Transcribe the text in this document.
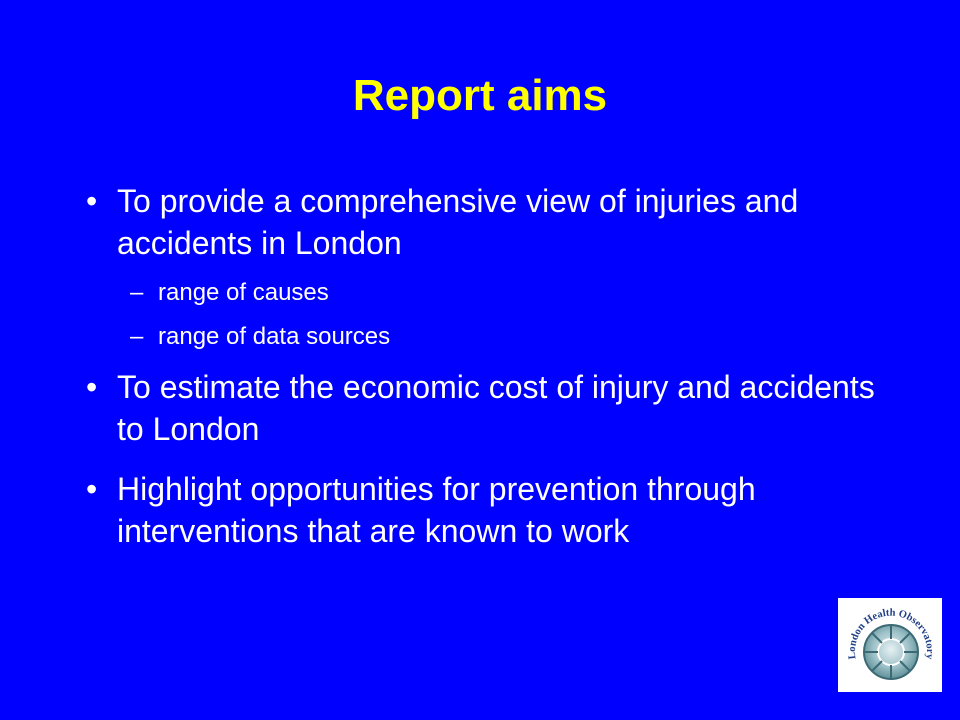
Report aims
• To provide a comprehensive view of injuries and accidents in London
– range of causes
– range of data sources
• To estimate the economic cost of injury and accidents to London
• Highlight opportunities for prevention through interventions that are known to work
London Health Observatory
